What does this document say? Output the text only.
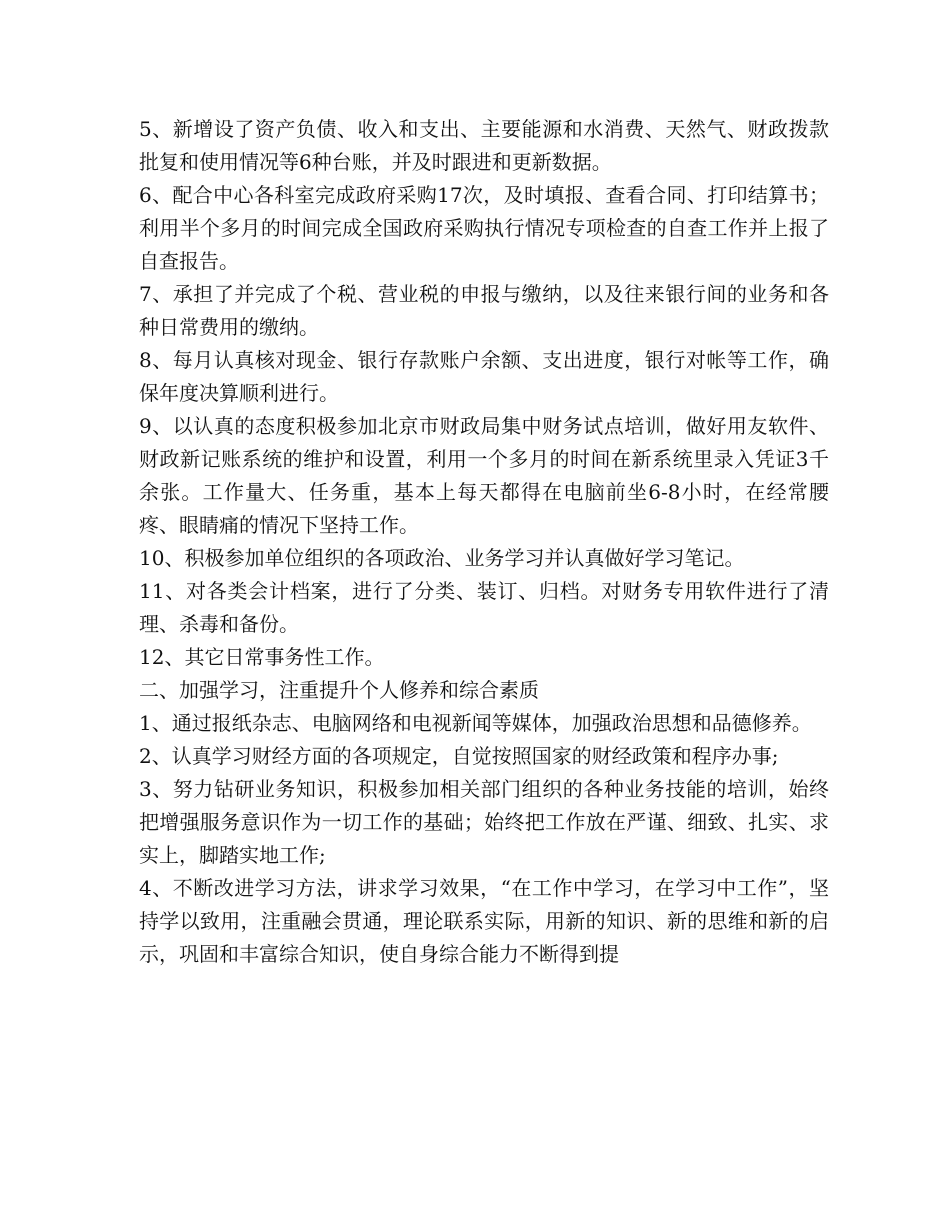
5、新增设了资产负债、收入和支出、主要能源和水消费、天然气、财政拨款批复和使用情况等6种台账，并及时跟进和更新数据。

6、配合中心各科室完成政府采购17次，及时填报、查看合同、打印结算书；利用半个多月的时间完成全国政府采购执行情况专项检查的自查工作并上报了自查报告。

7、承担了并完成了个税、营业税的申报与缴纳，以及往来银行间的业务和各种日常费用的缴纳。

8、每月认真核对现金、银行存款账户余额、支出进度，银行对帐等工作，确保年度决算顺利进行。

9、以认真的态度积极参加北京市财政局集中财务试点培训，做好用友软件、财政新记账系统的维护和设置，利用一个多月的时间在新系统里录入凭证3千余张。工作量大、任务重，基本上每天都得在电脑前坐6-8小时，在经常腰疼、眼睛痛的情况下坚持工作。

10、积极参加单位组织的各项政治、业务学习并认真做好学习笔记。

11、对各类会计档案，进行了分类、装订、归档。对财务专用软件进行了清理、杀毒和备份。

12、其它日常事务性工作。

二、加强学习，注重提升个人修养和综合素质

1、通过报纸杂志、电脑网络和电视新闻等媒体，加强政治思想和品德修养。

2、认真学习财经方面的各项规定，自觉按照国家的财经政策和程序办事;

3、努力钻研业务知识，积极参加相关部门组织的各种业务技能的培训，始终把增强服务意识作为一切工作的基础；始终把工作放在严谨、细致、扎实、求实上，脚踏实地工作;

4、不断改进学习方法，讲求学习效果，“在工作中学习，在学习中工作”，坚持学以致用，注重融会贯通，理论联系实际，用新的知识、新的思维和新的启示，巩固和丰富综合知识，使自身综合能力不断得到提
